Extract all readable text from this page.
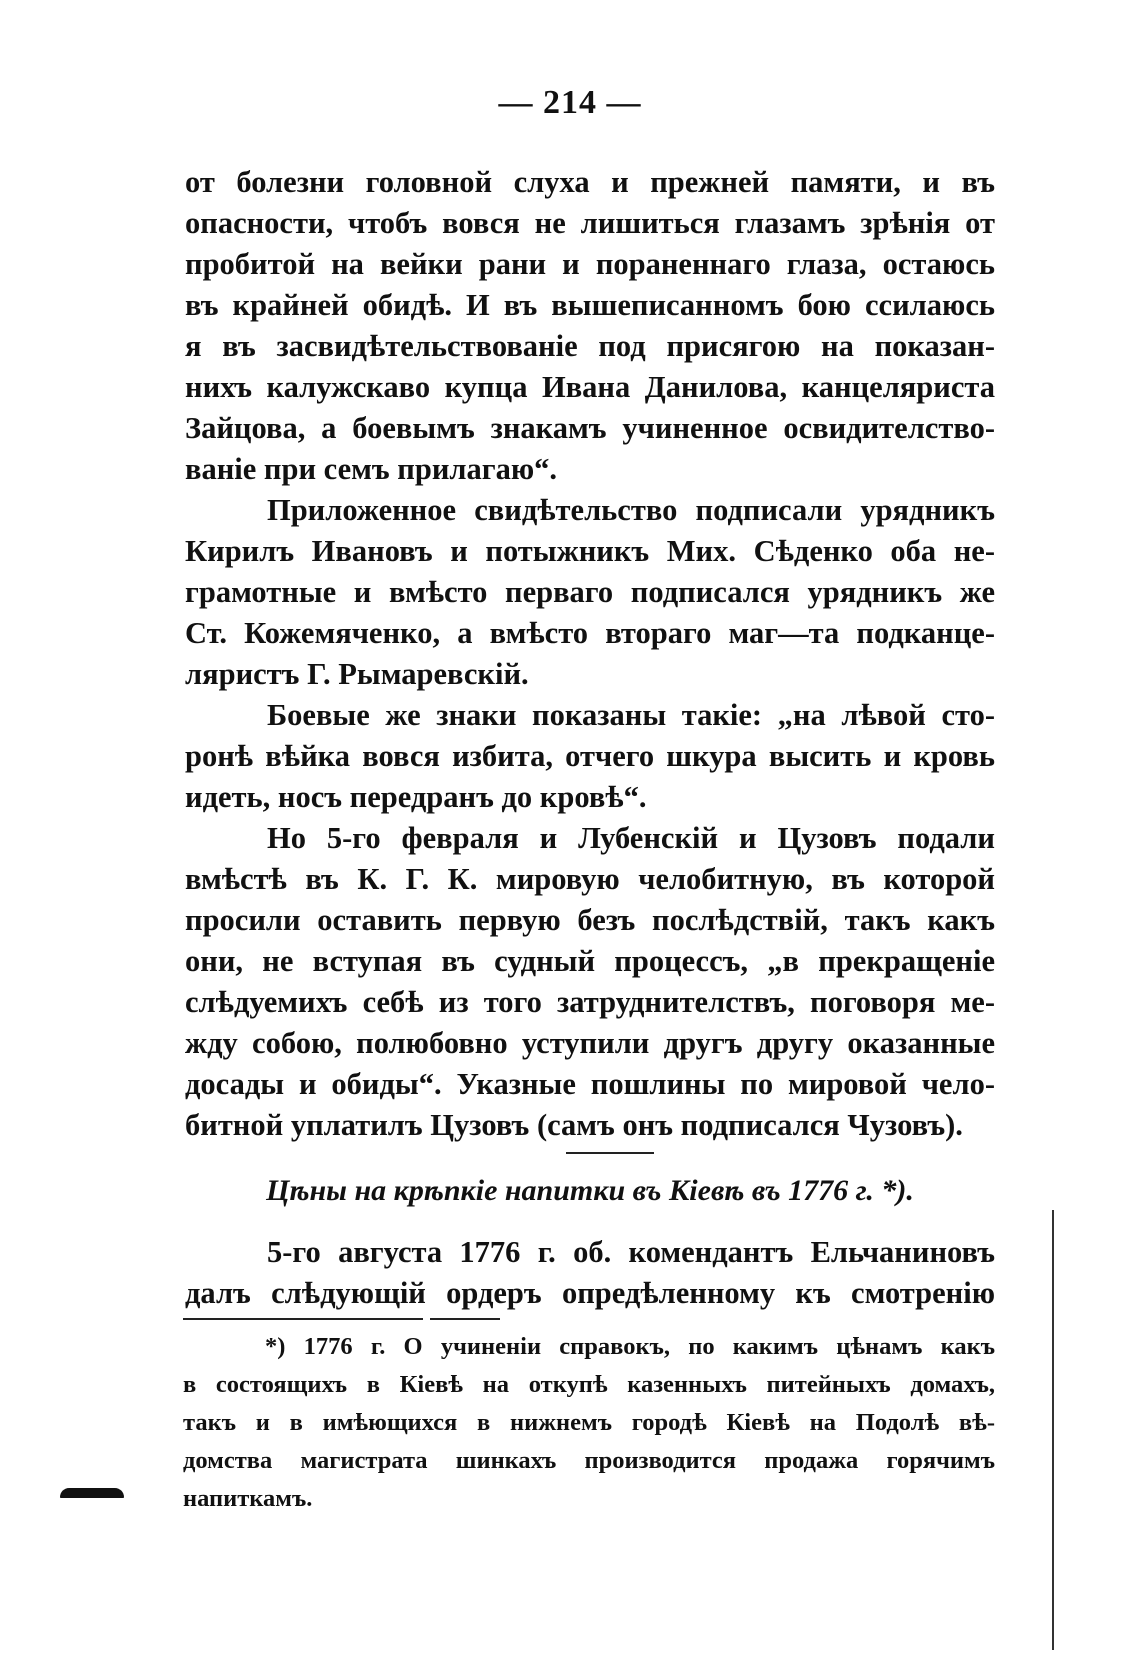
— 214 —
от болезни головной слуха и прежней памяти, и въ
опасности, чтобъ вовся не лишиться глазамъ зрѣнія от
пробитой на вейки рани и пораненнаго глаза, остаюсь
въ крайней обидѣ. И въ вышеписанномъ бою ссилаюсь
я въ засвидѣтельствованіе под присягою на показан-
нихъ калужскаво купца Ивана Данилова, канцеляриста
Зайцова, а боевымъ знакамъ учиненное освидителство-
ваніе при семъ прилагаю“.
Приложенное свидѣтельство подписали урядникъ
Кирилъ Ивановъ и потыжникъ Мих. Сѣденко оба не-
грамотные и вмѣсто перваго подписался урядникъ же
Ст. Кожемяченко, а вмѣсто втораго маг—та подканце-
ляристъ Г. Рымаревскій.
Боевые же знаки показаны такіе: „на лѣвой сто-
ронѣ вѣйка вовся избита, отчего шкура высить и кровь
идеть, носъ передранъ до кровѣ“.
Но 5-го февраля и Лубенскій и Цузовъ подали
вмѣстѣ въ К. Г. К. мировую челобитную, въ которой
просили оставить первую безъ послѣдствій, такъ какъ
они, не вступая въ судный процессъ, „в прекращеніе
слѣдуемихъ себѣ из того затруднителствъ, поговоря ме-
жду собою, полюбовно уступили другъ другу оказанные
досады и обиды“. Указные пошлины по мировой чело-
битной уплатилъ Цузовъ (самъ онъ подписался Чузовъ).
Цѣны на крѣпкіе напитки въ Кіевѣ въ 1776 г. *).
5-го августа 1776 г. об. комендантъ Ельчаниновъ
далъ слѣдующій ордеръ опредѣленному къ смотренію
*) 1776 г. О учиненіи справокъ, по какимъ цѣнамъ какъ
в состоящихъ в Кіевѣ на откупѣ казенныхъ питейныхъ домахъ,
такъ и в имѣющихся в нижнемъ городѣ Кіевѣ на Подолѣ вѣ-
домства магистрата шинкахъ производится продажа горячимъ
напиткамъ.
